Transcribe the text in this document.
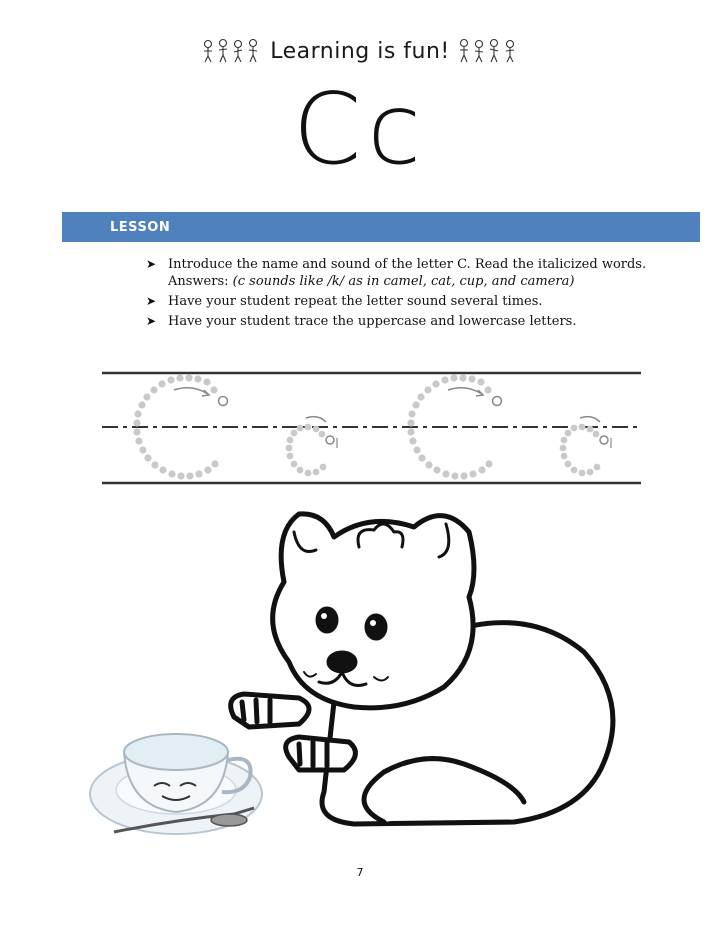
Learning is fun!
Cc
LESSON
➤ Introduce the name and sound of the letter C. Read the italicized words.
Answers: (c sounds like /k/ as in camel, cat, cup, and camera)
➤ Have your student repeat the letter sound several times.
➤ Have your student trace the uppercase and lowercase letters.
7
